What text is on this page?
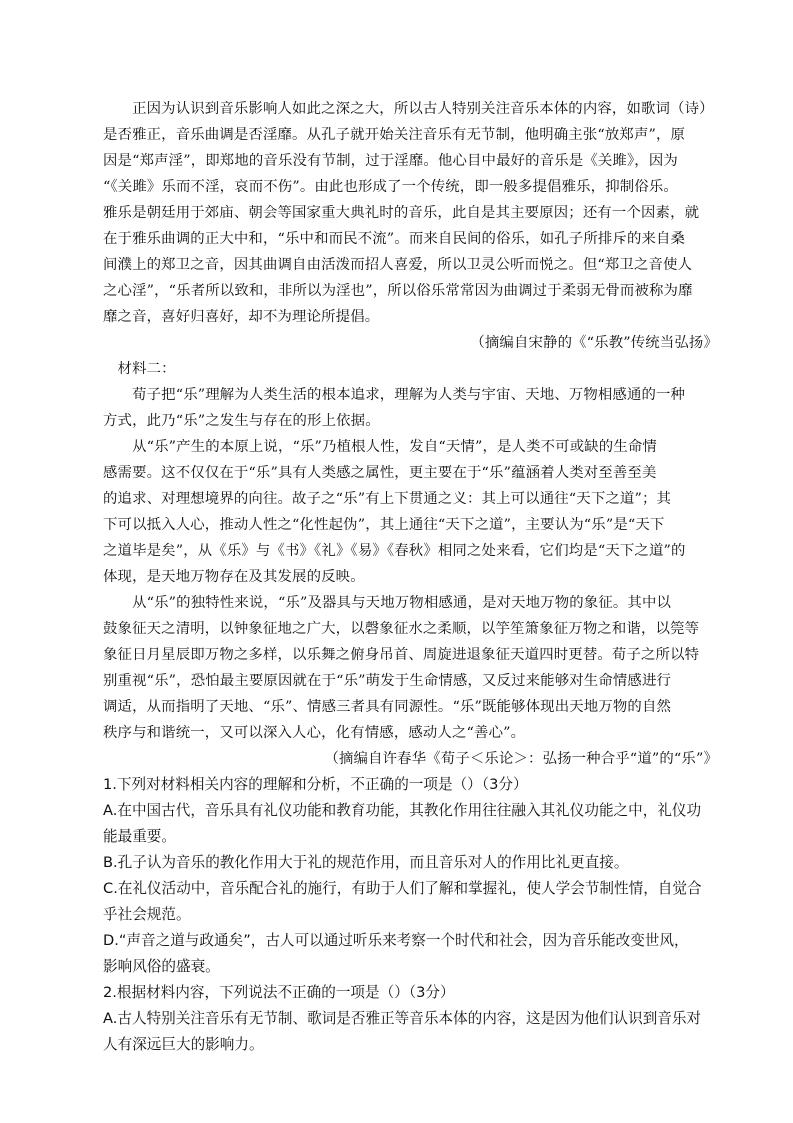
　　正因为认识到音乐影响人如此之深之大，所以古人特别关注音乐本体的内容，如歌词（诗）
是否雅正，音乐曲调是否淫靡。从孔子就开始关注音乐有无节制，他明确主张“放郑声”，原
因是“郑声淫”，即郑地的音乐没有节制，过于淫靡。他心目中最好的音乐是《关雎》，因为
“《关雎》乐而不淫，哀而不伤”。由此也形成了一个传统，即一般多提倡雅乐，抑制俗乐。
雅乐是朝廷用于郊庙、朝会等国家重大典礼时的音乐，此自是其主要原因；还有一个因素，就
在于雅乐曲调的正大中和，“乐中和而民不流”。而来自民间的俗乐，如孔子所排斥的来自桑
间濮上的郑卫之音，因其曲调自由活泼而招人喜爱，所以卫灵公听而悦之。但“郑卫之音使人
之心淫”，“乐者所以致和，非所以为淫也”，所以俗乐常常因为曲调过于柔弱无骨而被称为靡
靡之音，喜好归喜好，却不为理论所提倡。
（摘编自宋静的《“乐教”传统当弘扬》
　材料二：
　　荀子把“乐”理解为人类生活的根本追求，理解为人类与宇宙、天地、万物相感通的一种
方式，此乃“乐”之发生与存在的形上依据。
　　从“乐”产生的本原上说，“乐”乃植根人性，发自“天情”，是人类不可或缺的生命情
感需要。这不仅仅在于“乐”具有人类感之属性，更主要在于“乐”蕴涵着人类对至善至美
的追求、对理想境界的向往。故子之“乐”有上下贯通之义：其上可以通往“天下之道”；其
下可以抵入人心，推动人性之“化性起伪”，其上通往“天下之道”，主要认为“乐”是“天下
之道毕是矣”，从《乐》与《书》《礼》《易》《春秋》相同之处来看，它们均是“天下之道”的
体现，是天地万物存在及其发展的反映。
　　从“乐”的独特性来说，“乐”及器具与天地万物相感通，是对天地万物的象征。其中以
鼓象征天之清明，以钟象征地之广大，以磬象征水之柔顺，以竽笙箫象征万物之和谐，以筦等
象征日月星辰即万物之多样，以乐舞之俯身吊首、周旋进退象征天道四时更替。荀子之所以特
别重视“乐”，恐怕最主要原因就在于“乐”萌发于生命情感，又反过来能够对生命情感进行
调适，从而指明了天地、“乐”、情感三者具有同源性。“乐”既能够体现出天地万物的自然
秩序与和谐统一，又可以深入人心，化有情感，感动人之“善心”。
（摘编自许春华《荀子＜乐论＞：弘扬一种合乎“道”的“乐”》
1.下列对材料相关内容的理解和分析，不正确的一项是（）（3分）
A.在中国古代，音乐具有礼仪功能和教育功能，其教化作用往往融入其礼仪功能之中，礼仪功
能最重要。
B.孔子认为音乐的教化作用大于礼的规范作用，而且音乐对人的作用比礼更直接。
C.在礼仪活动中，音乐配合礼的施行，有助于人们了解和掌握礼，使人学会节制性情，自觉合
乎社会规范。
D.“声音之道与政通矣”，古人可以通过听乐来考察一个时代和社会，因为音乐能改变世风，
影响风俗的盛衰。
2.根据材料内容，下列说法不正确的一项是（）（3分）
A.古人特别关注音乐有无节制、歌词是否雅正等音乐本体的内容，这是因为他们认识到音乐对
人有深远巨大的影响力。
